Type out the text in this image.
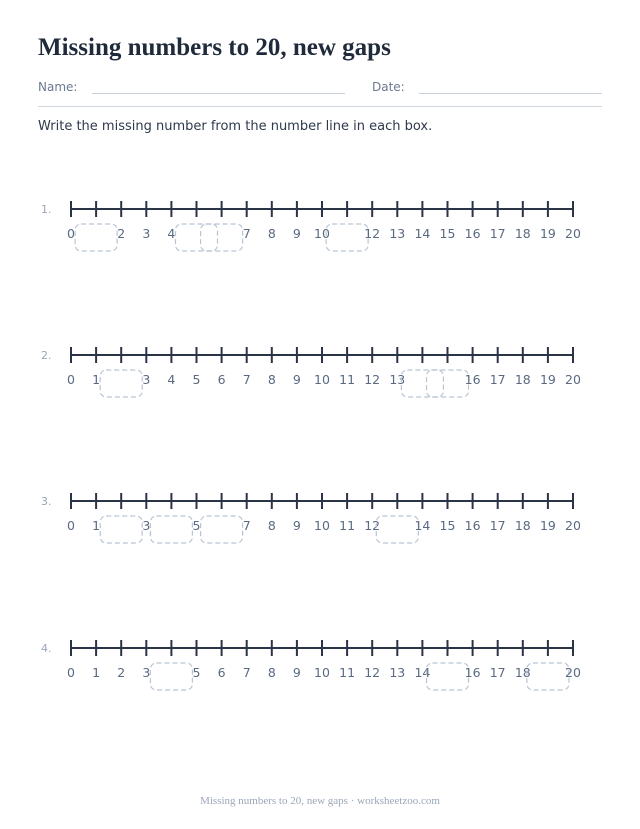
Missing numbers to 20, new gaps
Name:	Date:
Write the missing number from the number line in each box.
1.
0	2 3 4	7 8 9 10	12 13 14 15 16 17 18 19 20
2.
0 1	3 4 5 6 7 8 9 10 11 12 13	16 17 18 19 20
3.
0 1	3	5	7 8 9 10 11 12	14 15 16 17 18 19 20
4.
0 1 2 3	5 6 7 8 9 10 11 12 13 14	16 17 18	20
Missing numbers to 20, new gaps · worksheetzoo.com
